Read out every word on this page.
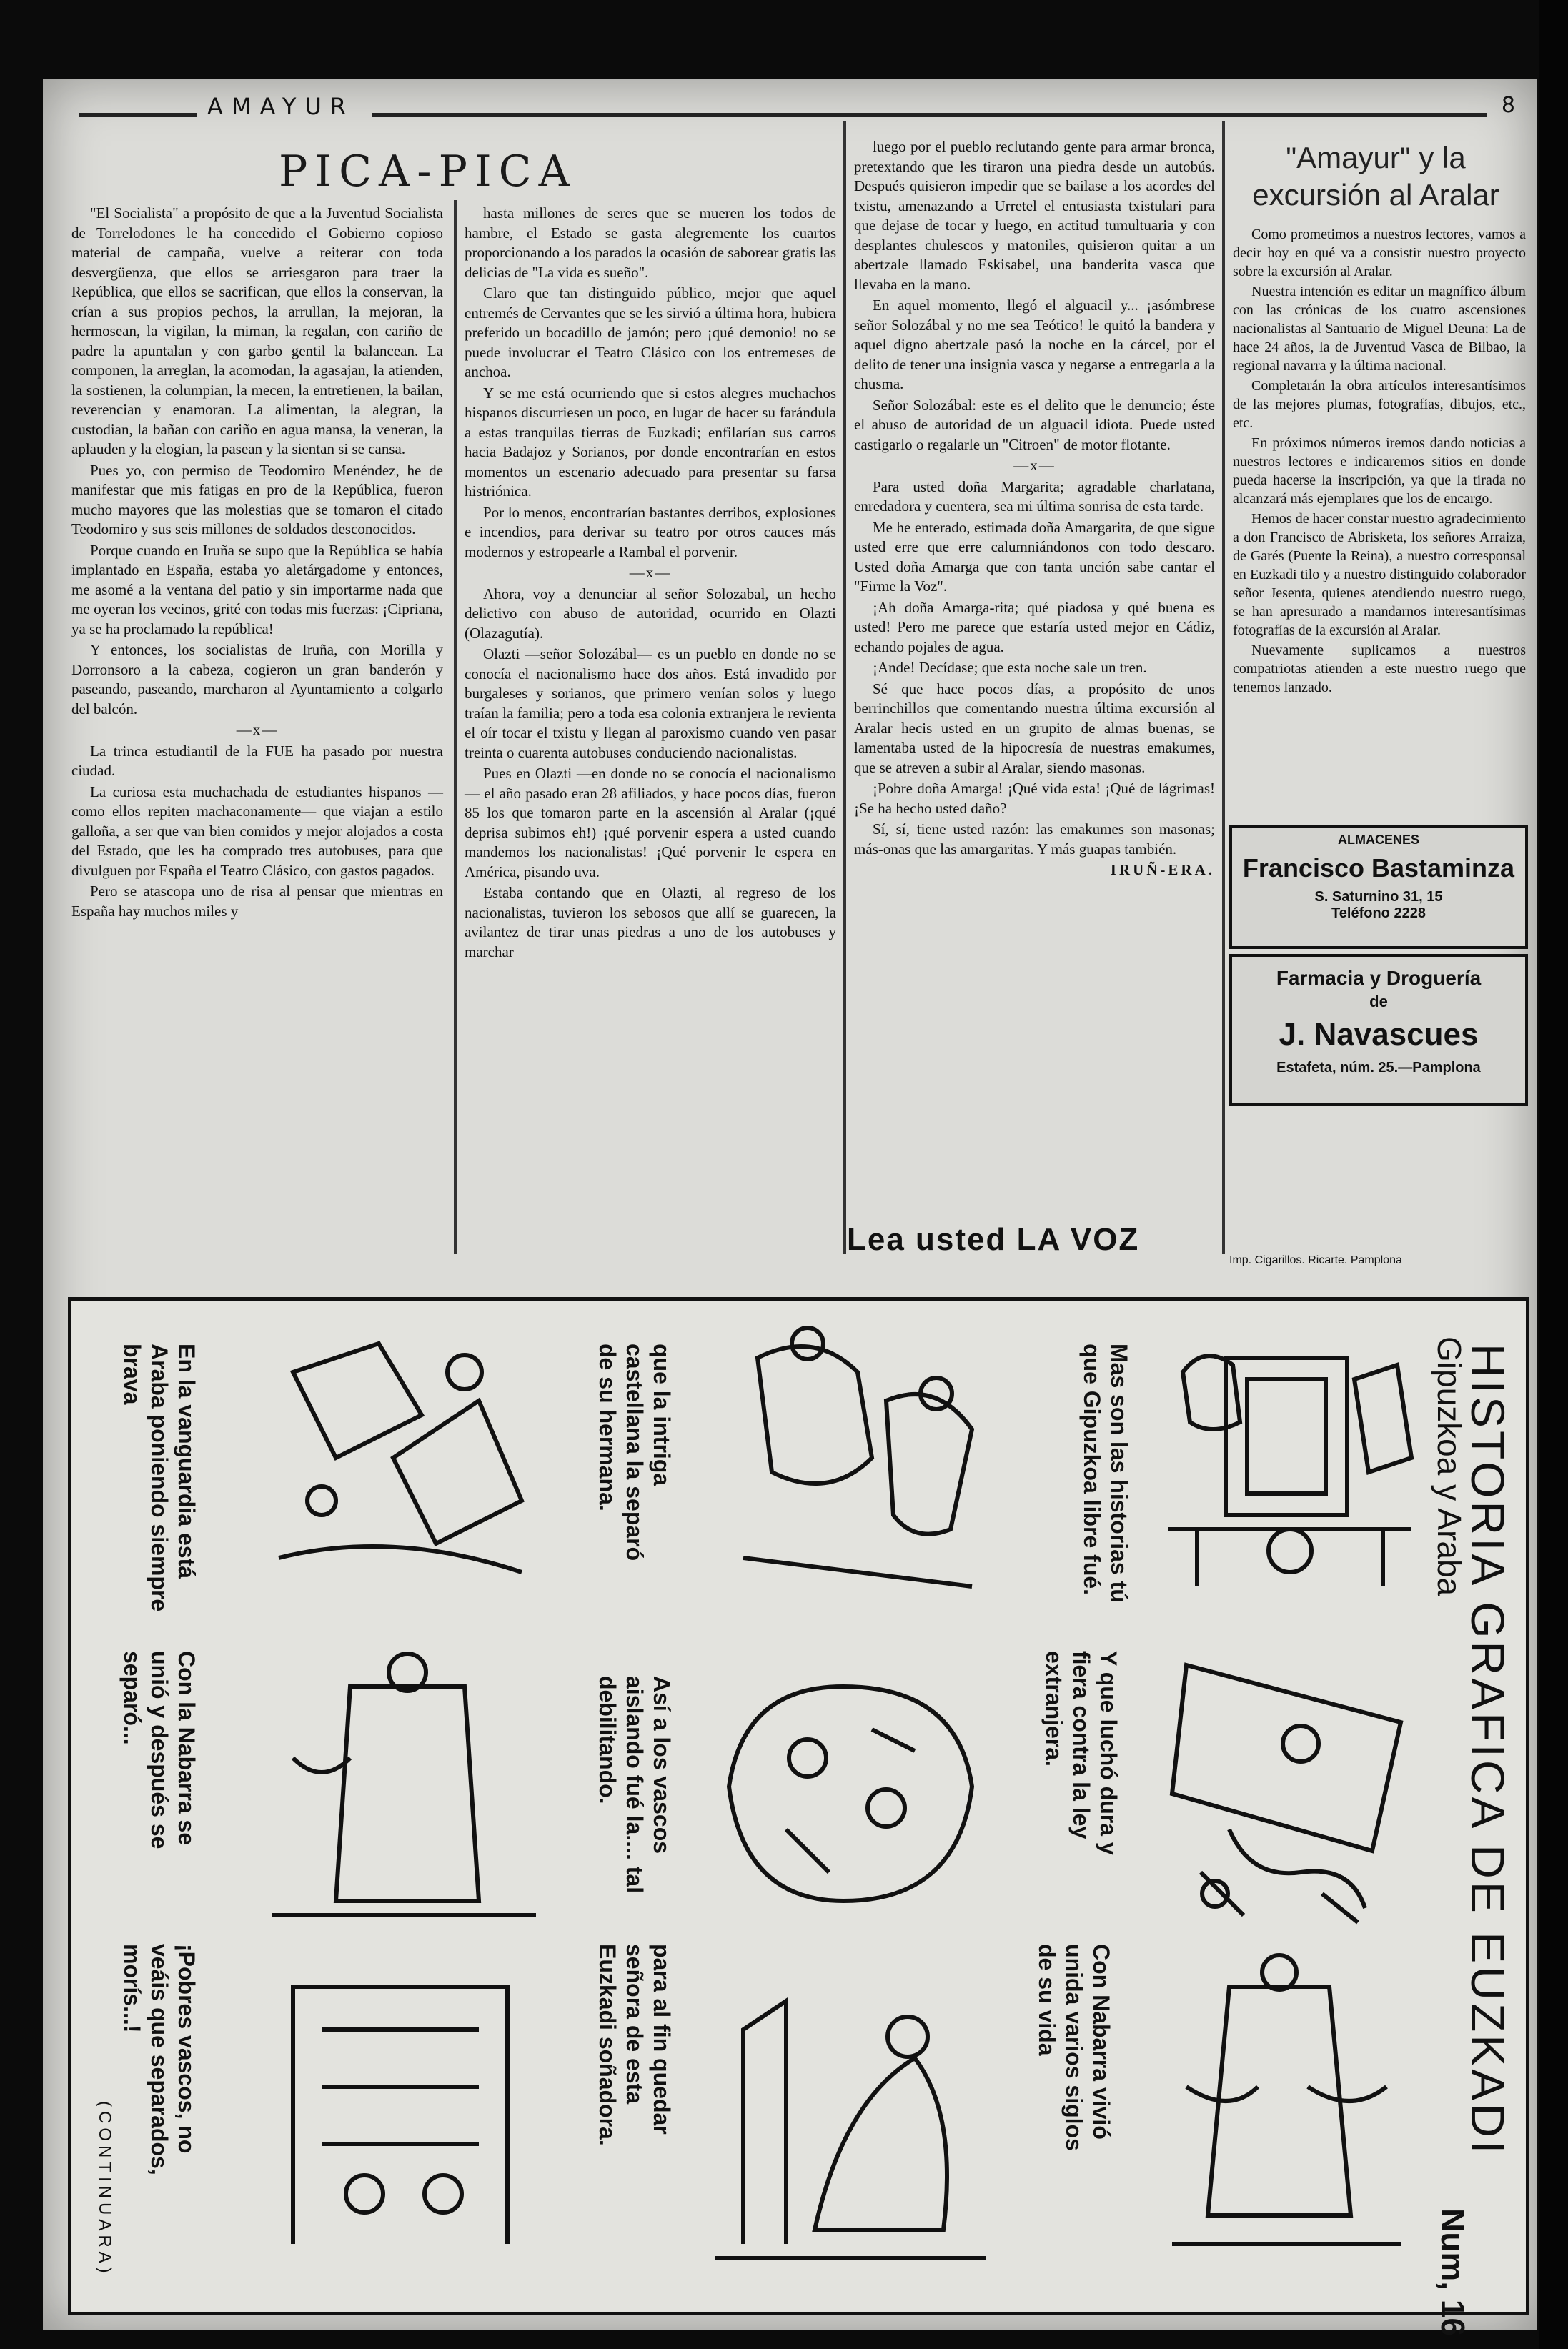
AMAYUR	8
PICA-PICA

"El Socialista" a propósito de que a la Juventud Socialista de Torrelodones le ha concedido el Gobierno copioso material de campaña, vuelve a reiterar con toda desvergüenza, que ellos se arriesgaron para traer la República, que ellos se sacrifican, que ellos la conservan, la crían a sus propios pechos, la arrullan, la mejoran, la hermosean, la vigilan, la miman, la regalan, con cariño de padre la apuntalan y con garbo gentil la balancean. La componen, la arreglan, la acomodan, la agasajan, la atienden, la sostienen, la columpian, la mecen, la entretienen, la bailan, reverencian y enamoran. La alimentan, la alegran, la custodian, la bañan con cariño en agua mansa, la veneran, la aplauden y la elogian, la pasean y la sientan si se cansa.

Pues yo, con permiso de Teodomiro Menéndez, he de manifestar que mis fatigas en pro de la República, fueron mucho mayores que las molestias que se tomaron el citado Teodomiro y sus seis millones de soldados desconocidos.

Porque cuando en Iruña se supo que la República se había implantado en España, estaba yo aletárgadome y entonces, me asomé a la ventana del patio y sin importarme nada que me oyeran los vecinos, grité con todas mis fuerzas: ¡Cipriana, ya se ha proclamado la república!

Y entonces, los socialistas de Iruña, con Morilla y Dorronsoro a la cabeza, cogieron un gran banderón y paseando, paseando, marcharon al Ayuntamiento a colgarlo del balcón.

—x—

La trinca estudiantil de la FUE ha pasado por nuestra ciudad.

La curiosa esta muchachada de estudiantes hispanos —como ellos repiten machaconamente— que viajan a estilo galloña, a ser que van bien comidos y mejor alojados a costa del Estado, que les ha comprado tres autobuses, para que divulguen por España el Teatro Clásico, con gastos pagados.

Pero se atascopa uno de risa al pensar que mientras en España hay muchos miles y

hasta millones de seres que se mueren los todos de hambre, el Estado se gasta alegremente los cuartos proporcionando a los parados la ocasión de saborear gratis las delicias de "La vida es sueño".

Claro que tan distinguido público, mejor que aquel entremés de Cervantes que se les sirvió a última hora, hubiera preferido un bocadillo de jamón; pero ¡qué demonio! no se puede involucrar el Teatro Clásico con los entremeses de anchoa.

Y se me está ocurriendo que si estos alegres muchachos hispanos discurriesen un poco, en lugar de hacer su farándula a estas tranquilas tierras de Euzkadi; enfilarían sus carros hacia Badajoz y Sorianos, por donde encontrarían en estos momentos un escenario adecuado para presentar su farsa histriónica.

Por lo menos, encontrarían bastantes derribos, explosiones e incendios, para derivar su teatro por otros cauces más modernos y estropearle a Rambal el porvenir.

—x—

Ahora, voy a denunciar al señor Solozabal, un hecho delictivo con abuso de autoridad, ocurrido en Olazti (Olazagutía).

Olazti —señor Solozábal— es un pueblo en donde no se conocía el nacionalismo hace dos años. Está invadido por burgaleses y sorianos, que primero venían solos y luego traían la familia; pero a toda esa colonia extranjera le revienta el oír tocar el txistu y llegan al paroxismo cuando ven pasar treinta o cuarenta autobuses conduciendo nacionalistas.

Pues en Olazti —en donde no se conocía el nacionalismo— el año pasado eran 28 afiliados, y hace pocos días, fueron 85 los que tomaron parte en la ascensión al Aralar (¡qué deprisa subimos eh!) ¡qué porvenir espera a usted cuando mandemos los nacionalistas! ¡Qué porvenir le espera en América, pisando uva.

Estaba contando que en Olazti, al regreso de los nacionalistas, tuvieron los sebosos que allí se guarecen, la avilantez de tirar unas piedras a uno de los autobuses y marchar

luego por el pueblo reclutando gente para armar bronca, pretextando que les tiraron una piedra desde un autobús. Después quisieron impedir que se bailase a los acordes del txistu, amenazando a Urretel el entusiasta txistulari para que dejase de tocar y luego, en actitud tumultuaria y con desplantes chulescos y matoniles, quisieron quitar a un abertzale llamado Eskisabel, una banderita vasca que llevaba en la mano.

En aquel momento, llegó el alguacil y... ¡asómbrese señor Solozábal y no me sea Teótico! le quitó la bandera y aquel digno abertzale pasó la noche en la cárcel, por el delito de tener una insignia vasca y negarse a entregarla a la chusma.

Señor Solozábal: este es el delito que le denuncio; éste el abuso de autoridad de un alguacil idiota. Puede usted castigarlo o regalarle un "Citroen" de motor flotante.

—x—

Para usted doña Margarita; agradable charlatana, enredadora y cuentera, sea mi última sonrisa de esta tarde.

Me he enterado, estimada doña Amargarita, de que sigue usted erre que erre calumniándonos con todo descaro. Usted doña Amarga que con tanta unción sabe cantar el "Firme la Voz".

¡Ah doña Amarga-rita; qué piadosa y qué buena es usted! Pero me parece que estaría usted mejor en Cádiz, echando pojales de agua.

¡Ande! Decídase; que esta noche sale un tren.

Sé que hace pocos días, a propósito de unos berrinchillos que comentando nuestra última excursión al Aralar hecis usted en un grupito de almas buenas, se lamentaba usted de la hipocresía de nuestras emakumes, que se atreven a subir al Aralar, siendo masonas.

¡Pobre doña Amarga! ¡Qué vida esta! ¡Qué de lágrimas! ¡Se ha hecho usted daño?

Sí, sí, tiene usted razón: las emakumes son masonas; más-onas que las amargaritas. Y más guapas también.

IRUÑ-ERA.

Lea usted LA VOZ
"Amayur" y la excursión al Aralar

Como prometimos a nuestros lectores, vamos a decir hoy en qué va a consistir nuestro proyecto sobre la excursión al Aralar.

Nuestra intención es editar un magnífico álbum con las crónicas de los cuatro ascensiones nacionalistas al Santuario de Miguel Deuna: La de hace 24 años, la de Juventud Vasca de Bilbao, la regional navarra y la última nacional.

Completarán la obra artículos interesantísimos de las mejores plumas, fotografías, dibujos, etc., etc.

En próximos números iremos dando noticias a nuestros lectores e indicaremos sitios en donde pueda hacerse la inscripción, ya que la tirada no alcanzará más ejemplares que los de encargo.

Hemos de hacer constar nuestro agradecimiento a don Francisco de Abrisketa, los señores Arraiza, de Garés (Puente la Reina), a nuestro corresponsal en Euzkadi tilo y a nuestro distinguido colaborador señor Jesenta, quienes atendiendo nuestro ruego, se han apresurado a mandarnos interesantísimas fotografías de la excursión al Aralar.

Nuevamente suplicamos a nuestros compatriotas atienden a este nuestro ruego que tenemos lanzado.

ALMACENES
Francisco Bastaminza
S. Saturnino 31, 15
Teléfono 2228
Farmacia y Droguería
de
J. Navascues
Estafeta, núm. 25.—Pamplona
Imp. Cigarillos. Ricarte. Pamplona
HISTORIA GRAFICA DE EUZKADI
Gipuzkoa y Araba
Num, 16
Mas son las historias tú que Gipuzkoa libre fué.
Y que luchó dura y fiera contra la ley extranjera.
Con Nabarra vivió unida varios siglos de su vida
que la intriga castellana la separó de su hermana.
Así a los vascos aislando fué la.... tal debilitando.
para al fin quedar señora de esta Euzkadi soñadora.
En la vanguardia está Araba poniendo siempre brava
Con la Nabarra se unió y después se separó...
¡Pobres vascos, no veáis que separados, morís...!
(CONTINUARA)
